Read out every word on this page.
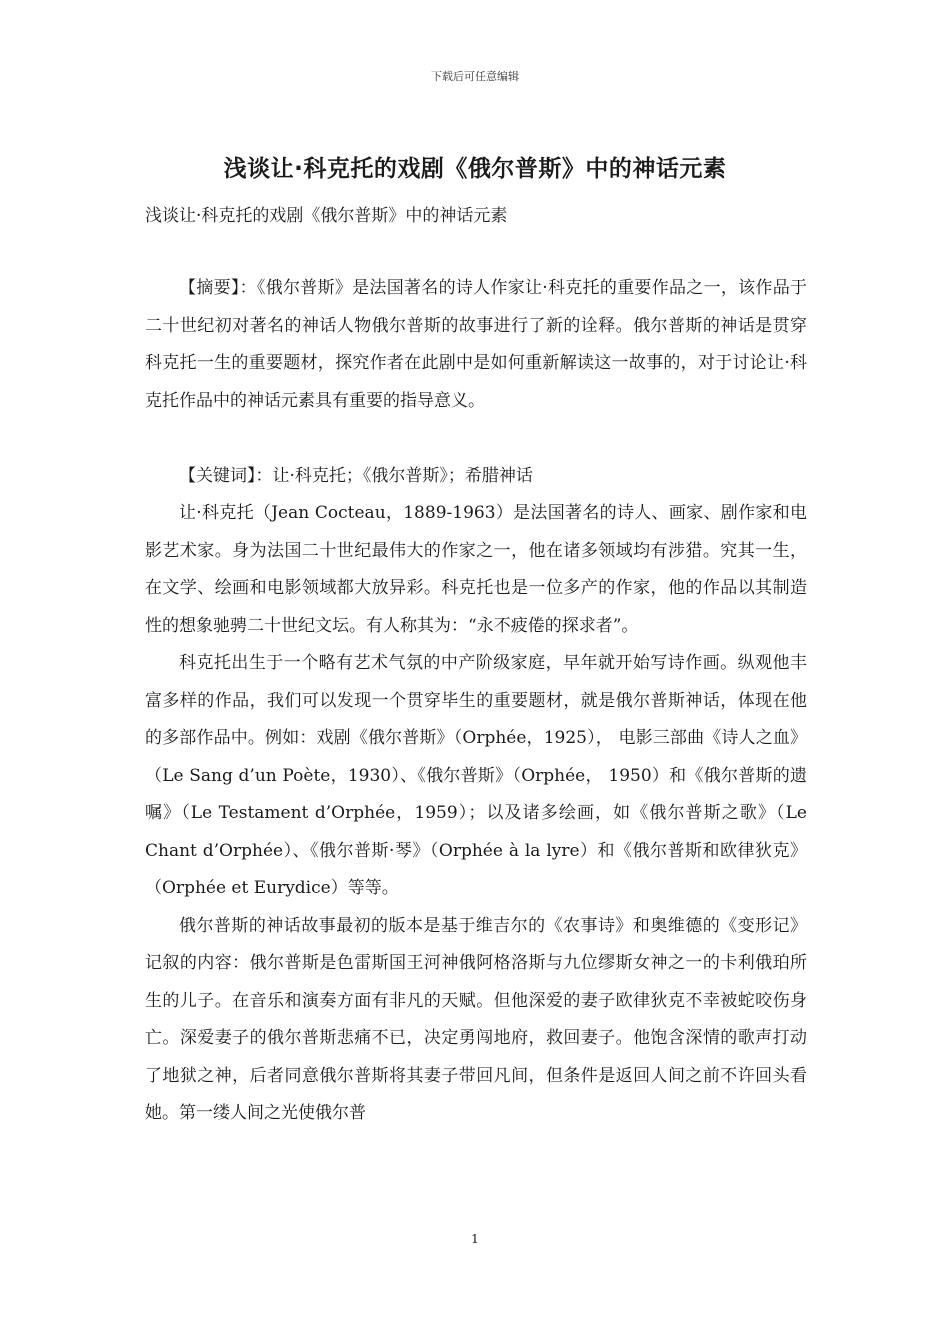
下载后可任意编辑
浅谈让·科克托的戏剧《俄尔普斯》中的神话元素
浅谈让·科克托的戏剧《俄尔普斯》中的神话元素

【摘要】：《俄尔普斯》是法国著名的诗人作家让·科克托的重要作品之一，该作品于二十世纪初对著名的神话人物俄尔普斯的故事进行了新的诠释。俄尔普斯的神话是贯穿科克托一生的重要题材，探究作者在此剧中是如何重新解读这一故事的，对于讨论让·科克托作品中的神话元素具有重要的指导意义。

【关键词】：让·科克托；《俄尔普斯》；希腊神话

让·科克托（Jean Cocteau，1889-1963）是法国著名的诗人、画家、剧作家和电影艺术家。身为法国二十世纪最伟大的作家之一，他在诸多领域均有涉猎。究其一生，在文学、绘画和电影领域都大放异彩。科克托也是一位多产的作家，他的作品以其制造性的想象驰骋二十世纪文坛。有人称其为：“永不疲倦的探求者”。

科克托出生于一个略有艺术气氛的中产阶级家庭，早年就开始写诗作画。纵观他丰富多样的作品，我们可以发现一个贯穿毕生的重要题材，就是俄尔普斯神话，体现在他的多部作品中。例如：戏剧《俄尔普斯》（Orphée，1925）， 电影三部曲《诗人之血》（Le Sang d’un Poète，1930）、《俄尔普斯》（Orphée， 1950）和《俄尔普斯的遗嘱》（Le Testament d’Orphée，1959）；以及诸多绘画，如《俄尔普斯之歌》（Le Chant d’Orphée）、《俄尔普斯·琴》（Orphée à la lyre）和《俄尔普斯和欧律狄克》（Orphée et Eurydice）等等。

俄尔普斯的神话故事最初的版本是基于维吉尔的《农事诗》和奥维德的《变形记》记叙的内容：俄尔普斯是色雷斯国王河神俄阿格洛斯与九位缪斯女神之一的卡利俄珀所生的儿子。在音乐和演奏方面有非凡的天赋。但他深爱的妻子欧律狄克不幸被蛇咬伤身亡。深爱妻子的俄尔普斯悲痛不已，决定勇闯地府，救回妻子。他饱含深情的歌声打动了地狱之神，后者同意俄尔普斯将其妻子带回凡间，但条件是返回人间之前不许回头看她。第一缕人间之光使俄尔普

1
